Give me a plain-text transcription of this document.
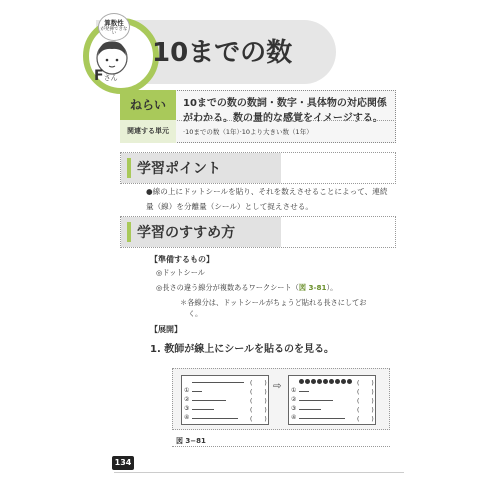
10までの数
算数性
が発揮できない
Fさん
ねらい	10までの数の数詞・数字・具体物の対応関係がわかる。数の量的な感覚をイメージする。
関連する単元	·10までの数（1年）·10より大きい数（1年）
学習ポイント
●線の上にドットシールを貼り、それを数えさせることによって、連続量（線）を分離量（シール）として捉えさせる。
学習のすすめ方
【準備するもの】
◎ドットシール
◎長さの違う線分が複数あるワークシート（図 3-81）。
＊各線分は、ドットシールがちょうど貼れる長さにしてお
く。
【展開】
1. 教師が線上にシールを貼るのを見る。
(　　)
①	(　　)
②	(　　)
③	(　　)
④	(　　)
⇨	(　　)
①	(　　)
②	(　　)
③	(　　)
④	(　　)
図 3−81
134
